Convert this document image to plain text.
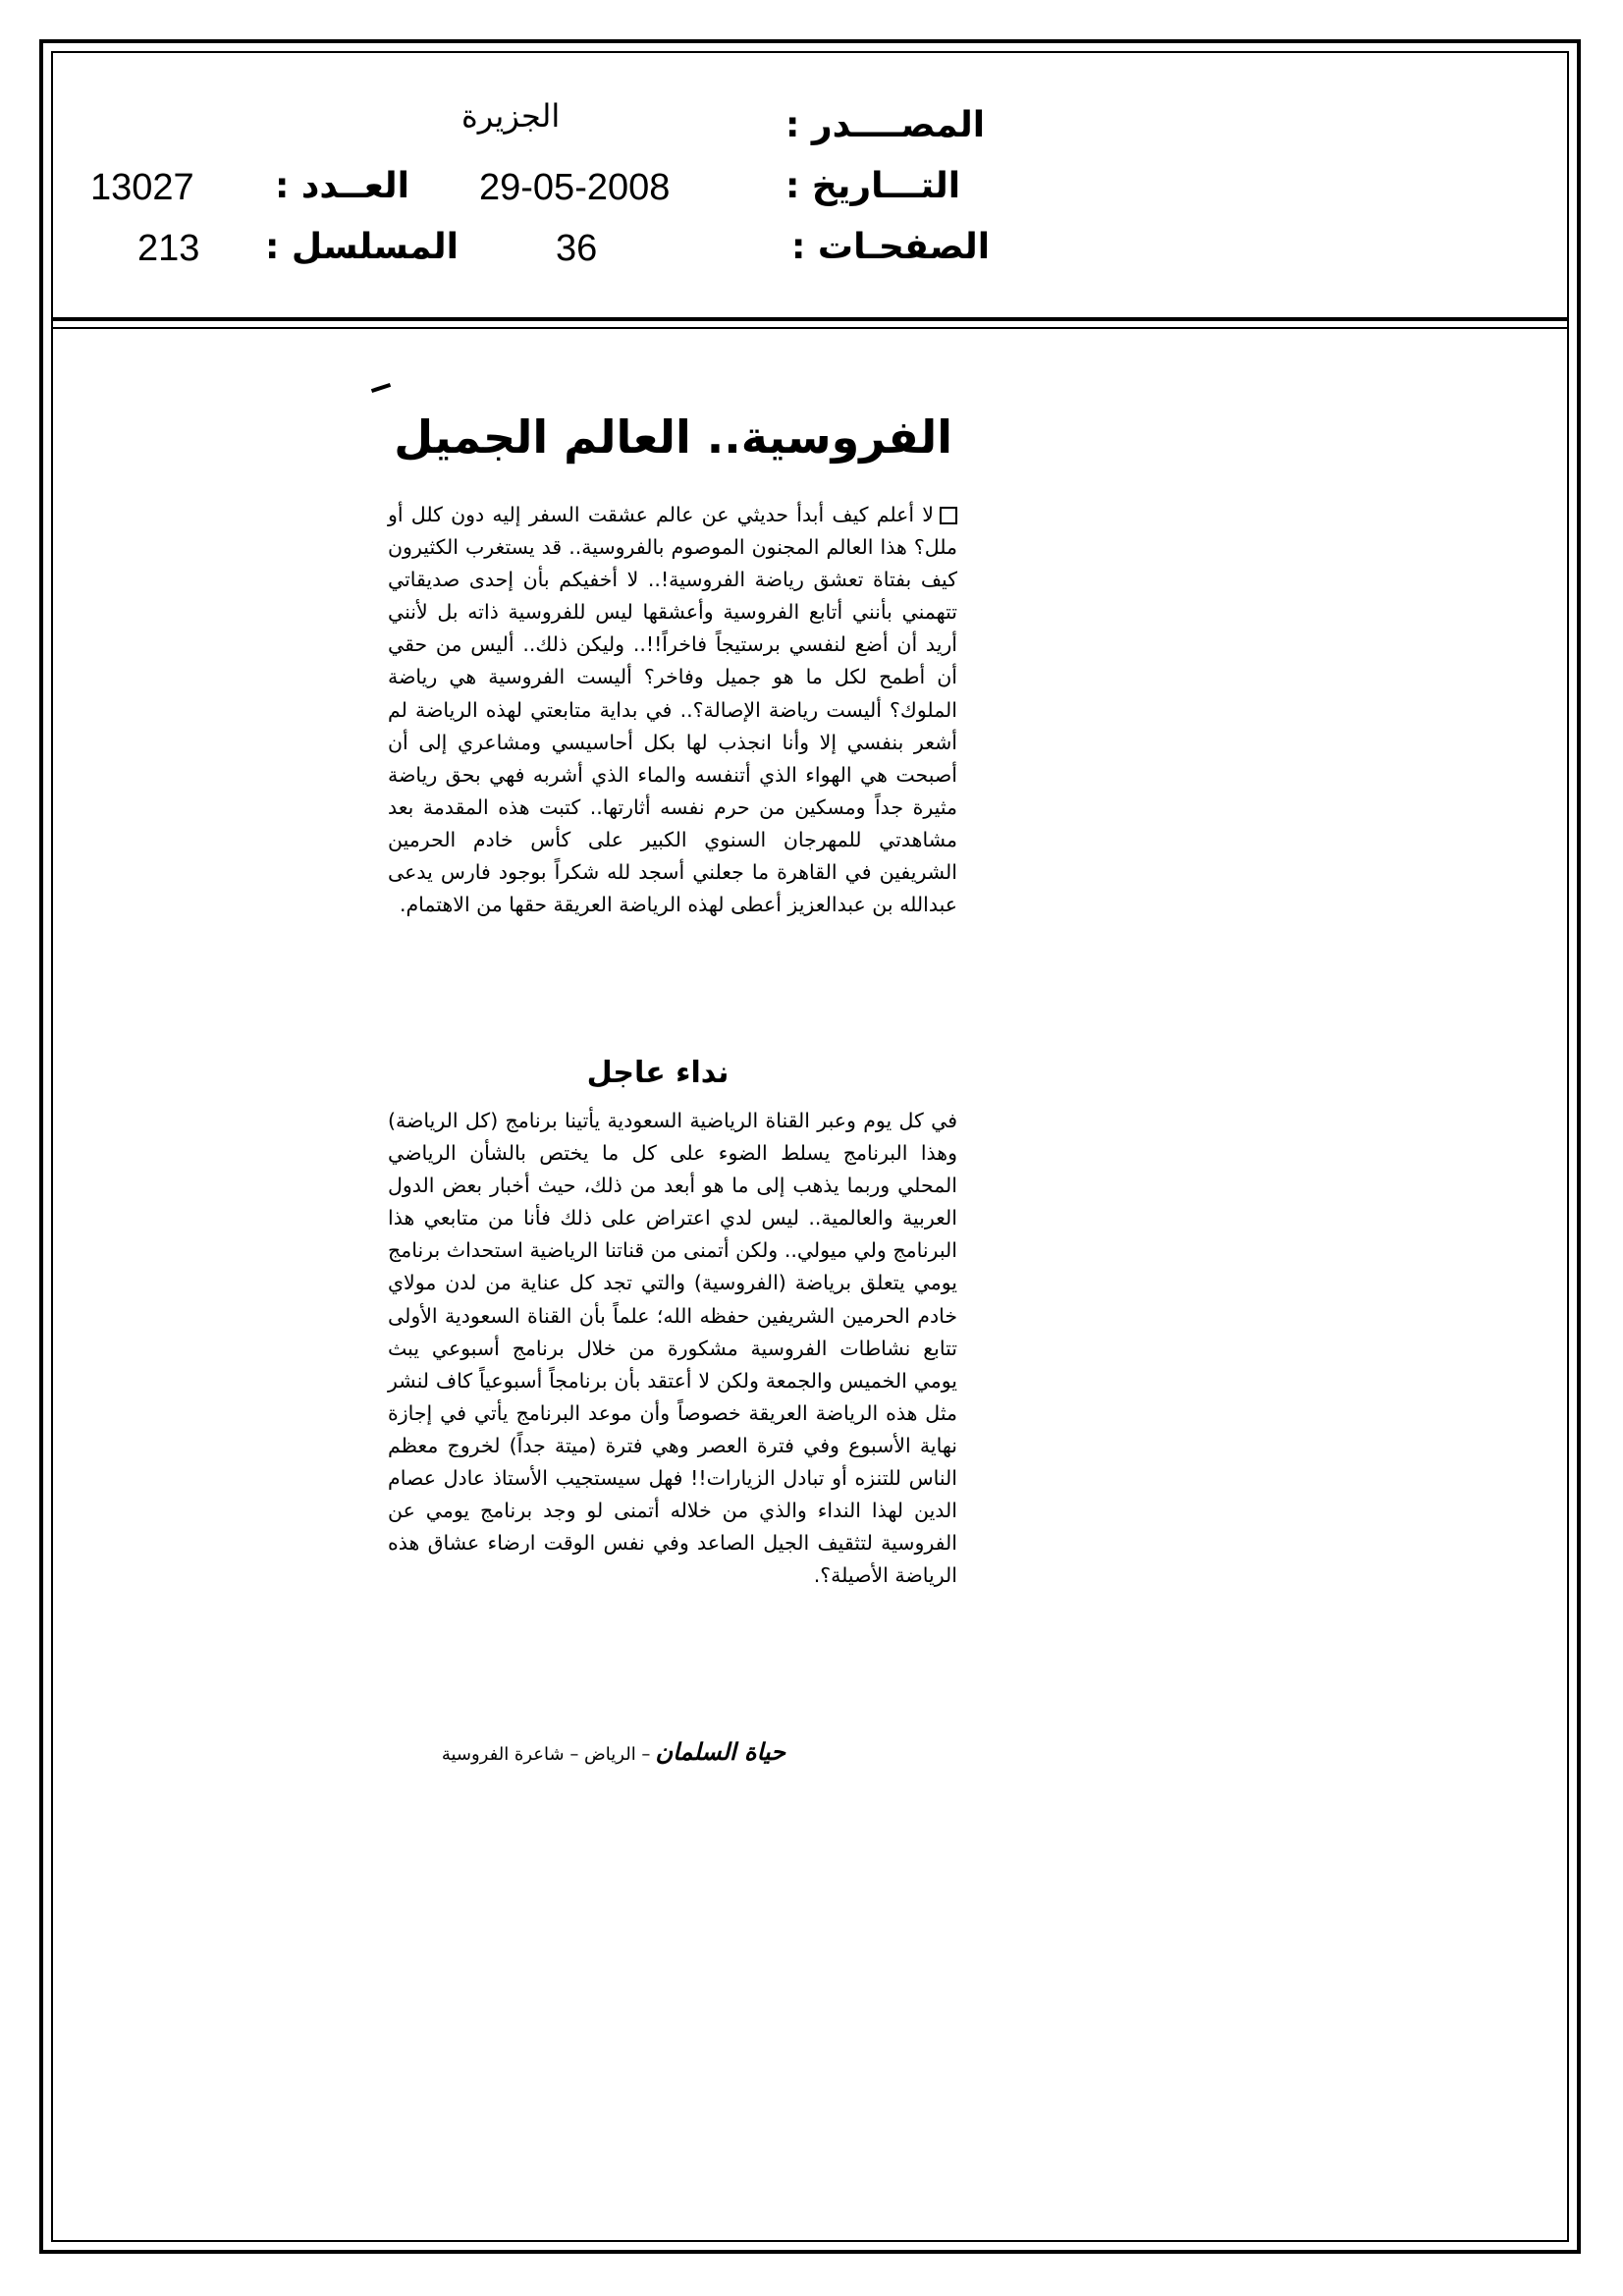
المصــــدر :
الجزيرة
التـــاريخ :
29-05-2008
العــدد :
13027
الصفحـات :
36
المسلسل :
213
الفروسية.. العالم الجميل
لا أعلم كيف أبدأ حديثي عن عالم عشقت السفر إليه دون كلل أو ملل؟ هذا العالم المجنون الموصوم بالفروسية.. قد يستغرب الكثيرون كيف بفتاة تعشق رياضة الفروسية!.. لا أخفيكم بأن إحدى صديقاتي تتهمني بأنني أتابع الفروسية وأعشقها ليس للفروسية ذاته بل لأنني أريد أن أضع لنفسي برستيجاً فاخراً!!.. وليكن ذلك.. أليس من حقي أن أطمح لكل ما هو جميل وفاخر؟ أليست الفروسية هي رياضة الملوك؟ أليست رياضة الإصالة؟.. في بداية متابعتي لهذه الرياضة لم أشعر بنفسي إلا وأنا انجذب لها بكل أحاسيسي ومشاعري إلى أن أصبحت هي الهواء الذي أتنفسه والماء الذي أشربه فهي بحق رياضة مثيرة جداً ومسكين من حرم نفسه أثارتها.. كتبت هذه المقدمة بعد مشاهدتي للمهرجان السنوي الكبير على كأس خادم الحرمين الشريفين في القاهرة ما جعلني أسجد لله شكراً بوجود فارس يدعى عبدالله بن عبدالعزيز أعطى لهذه الرياضة العريقة حقها من الاهتمام.
نداء عاجل
في كل يوم وعبر القناة الرياضية السعودية يأتينا برنامج (كل الرياضة) وهذا البرنامج يسلط الضوء على كل ما يختص بالشأن الرياضي المحلي وربما يذهب إلى ما هو أبعد من ذلك، حيث أخبار بعض الدول العربية والعالمية.. ليس لدي اعتراض على ذلك فأنا من متابعي هذا البرنامج ولي ميولي.. ولكن أتمنى من قناتنا الرياضية استحداث برنامج يومي يتعلق برياضة (الفروسية) والتي تجد كل عناية من لدن مولاي خادم الحرمين الشريفين حفظه الله؛ علماً بأن القناة السعودية الأولى تتابع نشاطات الفروسية مشكورة من خلال برنامج أسبوعي يبث يومي الخميس والجمعة ولكن لا أعتقد بأن برنامجاً أسبوعياً كاف لنشر مثل هذه الرياضة العريقة خصوصاً وأن موعد البرنامج يأتي في إجازة نهاية الأسبوع وفي فترة العصر وهي فترة (ميتة جداً) لخروج معظم الناس للتنزه أو تبادل الزيارات!! فهل سيستجيب الأستاذ عادل عصام الدين لهذا النداء والذي من خلاله أتمنى لو وجد برنامج يومي عن الفروسية لتثقيف الجيل الصاعد وفي نفس الوقت ارضاء عشاق هذه الرياضة الأصيلة؟.
حياة السلمان – الرياض – شاعرة الفروسية
